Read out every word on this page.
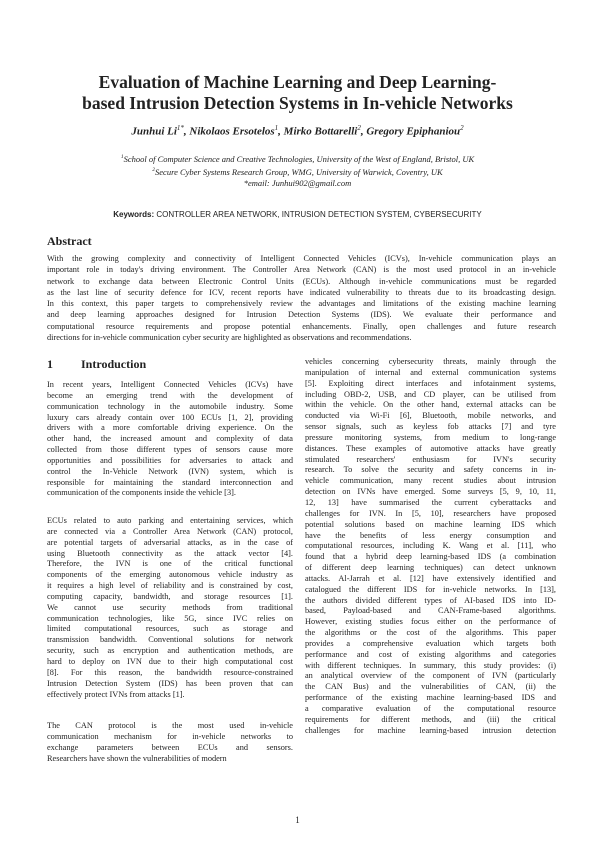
Evaluation of Machine Learning and Deep Learning-
based Intrusion Detection Systems in In-vehicle Networks
Junhui $Li^{1*}$, Nikolaos Ersotelos$^1$, Mirko Bottarelli$^2$, Gregory Epiphaniou$^2$
$^1$School of Computer Science and Creative Technologies, University of the West of England, Bristol, UK
$^2$Secure Cyber Systems Research Group, WMG, University of Warwick, Coventry, UK
*email: Junhui902@gmail.com
Keywords: CONTROLLER AREA NETWORK, INTRUSION DETECTION SYSTEM, CYBERSECURITY
Abstract
With the growing complexity and connectivity of Intelligent Connected Vehicles (ICVs), In-vehicle communication plays an
important role in today's driving environment. The Controller Area Network (CAN) is the most used protocol in an in-vehicle
network to exchange data between Electronic Control Units (ECUs). Although in-vehicle communications must be regarded
as the last line of security defence for ICV, recent reports have indicated vulnerability to threats due to its broadcasting design.
In this context, this paper targets to comprehensively review the advantages and limitations of the existing machine learning
and deep learning approaches designed for Intrusion Detection Systems (IDS). We evaluate their performance and
computational resource requirements and propose potential enhancements. Finally, open challenges and future research
directions for in-vehicle communication cyber security are highlighted as observations and recommendations.
1 Introduction
In recent years, Intelligent Connected Vehicles (ICVs) have
become an emerging trend with the development of
communication technology in the automobile industry. Some
luxury cars already contain over 100 ECUs [1, 2], providing
drivers with a more comfortable driving experience. On the
other hand, the increased amount and complexity of data
collected from those different types of sensors cause more
opportunities and possibilities for adversaries to attack and
control the In-Vehicle Network (IVN) system, which is
responsible for maintaining the standard interconnection and
communication of the components inside the vehicle [3].
ECUs related to auto parking and entertaining services, which
are connected via a Controller Area Network (CAN) protocol,
are potential targets of adversarial attacks, as in the case of
using Bluetooth connectivity as the attack vector [4].
Therefore, the IVN is one of the critical functional
components of the emerging autonomous vehicle industry as
it requires a high level of reliability and is constrained by cost,
computing capacity, bandwidth, and storage resources [1].
We cannot use security methods from traditional
communication technologies, like 5G, since IVC relies on
limited computational resources, such as storage and
transmission bandwidth. Conventional solutions for network
security, such as encryption and authentication methods, are
hard to deploy on IVN due to their high computational cost
[8]. For this reason, the bandwidth resource-constrained
Intrusion Detection System (IDS) has been proven that can
effectively protect IVNs from attacks [1].
The CAN protocol is the most used in-vehicle
communication mechanism for in-vehicle networks to
exchange parameters between ECUs and sensors.
Researchers have shown the vulnerabilities of modern
vehicles concerning cybersecurity threats, mainly through the
manipulation of internal and external communication systems
[5]. Exploiting direct interfaces and infotainment systems,
including OBD-2, USB, and CD player, can be utilised from
within the vehicle. On the other hand, external attacks can be
conducted via Wi-Fi [6], Bluetooth, mobile networks, and
sensor signals, such as keyless fob attacks [7] and tyre
pressure monitoring systems, from medium to long-range
distances. These examples of automotive attacks have greatly
stimulated researchers' enthusiasm for IVN's security
research. To solve the security and safety concerns in in-
vehicle communication, many recent studies about intrusion
detection on IVNs have emerged. Some surveys [5, 9, 10, 11,
12, 13] have summarised the current cyberattacks and
challenges for IVN. In [5, 10], researchers have proposed
potential solutions based on machine learning IDS which
have the benefits of less energy consumption and
computational resources, including K. Wang et al. [11], who
found that a hybrid deep learning-based IDS (a combination
of different deep learning techniques) can detect unknown
attacks. Al-Jarrah et al. [12] have extensively identified and
catalogued the different IDS for in-vehicle networks. In [13],
the authors divided different types of AI-based IDS into ID-
based, Payload-based and CAN-Frame-based algorithms.
However, existing studies focus either on the performance of
the algorithms or the cost of the algorithms. This paper
provides a comprehensive evaluation which targets both
performance and cost of existing algorithms and categories
with different techniques. In summary, this study provides: (i)
an analytical overview of the component of IVN (particularly
the CAN Bus) and the vulnerabilities of CAN, (ii) the
performance of the existing machine learning-based IDS and
a comparative evaluation of the computational resource
requirements for different methods, and (iii) the critical
challenges for machine learning-based intrusion detection
1
